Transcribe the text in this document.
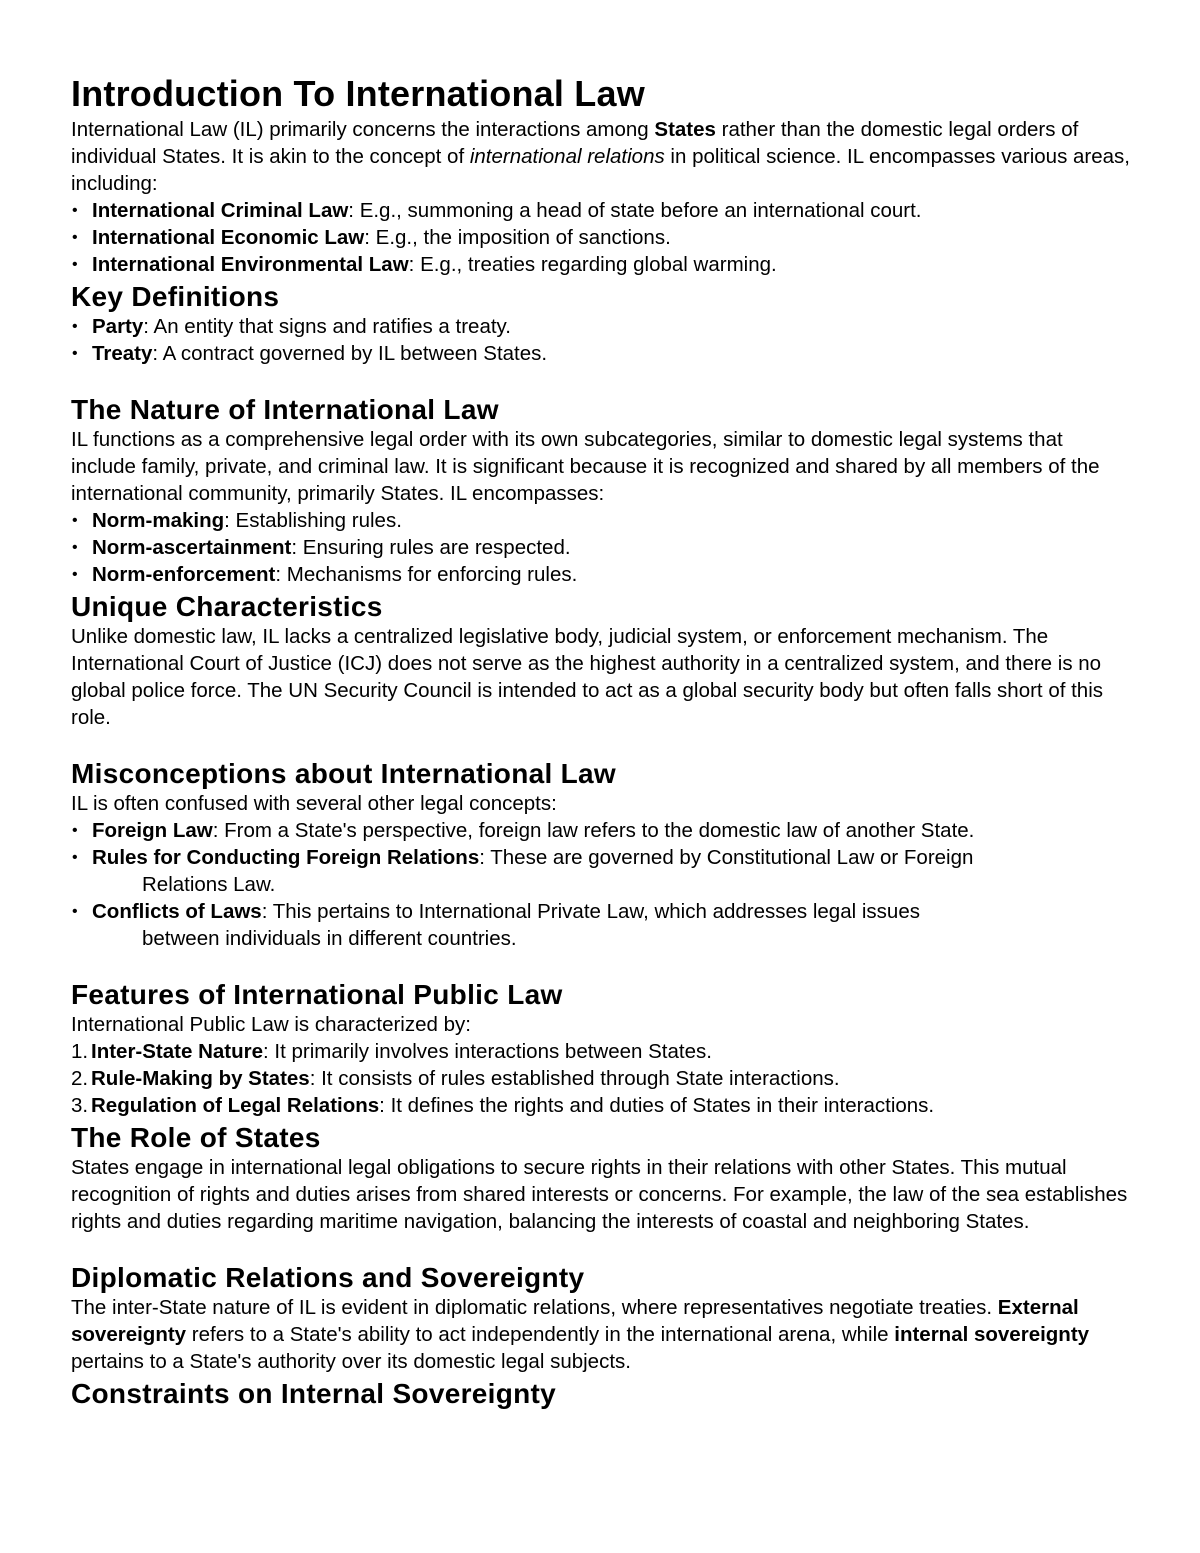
Introduction To International Law

International Law (IL) primarily concerns the interactions among States rather than the domestic legal orders of individual States. It is akin to the concept of international relations in political science. IL encompasses various areas, including:

• International Criminal Law: E.g., summoning a head of state before an international court.
• International Economic Law: E.g., the imposition of sanctions.
• International Environmental Law: E.g., treaties regarding global warming.
Key Definitions
• Party: An entity that signs and ratifies a treaty.
• Treaty: A contract governed by IL between States.
The Nature of International Law

IL functions as a comprehensive legal order with its own subcategories, similar to domestic legal systems that include family, private, and criminal law. It is significant because it is recognized and shared by all members of the international community, primarily States. IL encompasses:

• Norm-making: Establishing rules.
• Norm-ascertainment: Ensuring rules are respected.
• Norm-enforcement: Mechanisms for enforcing rules.
Unique Characteristics

Unlike domestic law, IL lacks a centralized legislative body, judicial system, or enforcement mechanism. The International Court of Justice (ICJ) does not serve as the highest authority in a centralized system, and there is no global police force. The UN Security Council is intended to act as a global security body but often falls short of this role.

Misconceptions about International Law

IL is often confused with several other legal concepts:

• Foreign Law: From a State's perspective, foreign law refers to the domestic law of another State.
• Rules for Conducting Foreign Relations: These are governed by Constitutional Law or Foreign
Relations Law.
• Conflicts of Laws: This pertains to International Private Law, which addresses legal issues
between individuals in different countries.
Features of International Public Law

International Public Law is characterized by:

1. Inter-State Nature: It primarily involves interactions between States.
2. Rule-Making by States: It consists of rules established through State interactions.
3. Regulation of Legal Relations: It defines the rights and duties of States in their interactions.
The Role of States

States engage in international legal obligations to secure rights in their relations with other States. This mutual recognition of rights and duties arises from shared interests or concerns. For example, the law of the sea establishes rights and duties regarding maritime navigation, balancing the interests of coastal and neighboring States.

Diplomatic Relations and Sovereignty

The inter-State nature of IL is evident in diplomatic relations, where representatives negotiate treaties. External sovereignty refers to a State's ability to act independently in the international arena, while internal sovereignty pertains to a State's authority over its domestic legal subjects.

Constraints on Internal Sovereignty
